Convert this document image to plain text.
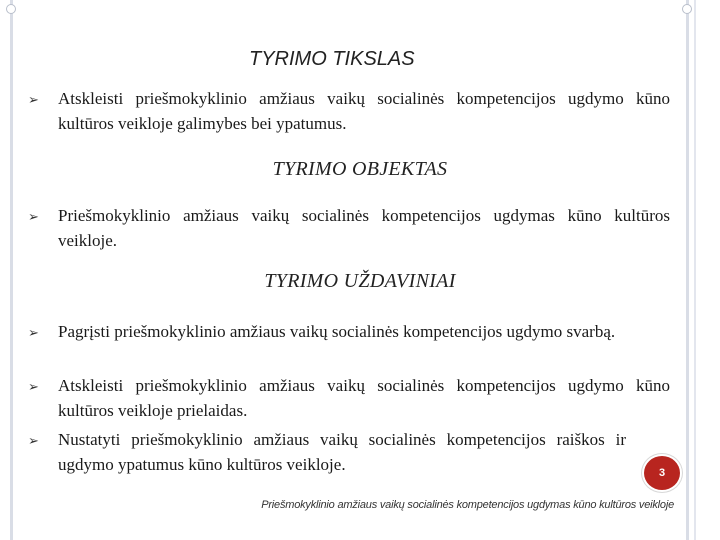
TYRIMO TIKSLAS
➢ Atskleisti priešmokyklinio amžiaus vaikų socialinės kompetencijos ugdymo kūno kultūros veikloje galimybes bei ypatumus.
TYRIMO OBJEKTAS
➢ Priešmokyklinio amžiaus vaikų socialinės kompetencijos ugdymas kūno kultūros veikloje.
TYRIMO UŽDAVINIAI
➢ Pagrįsti priešmokyklinio amžiaus vaikų socialinės kompetencijos ugdymo svarbą.
➢ Atskleisti priešmokyklinio amžiaus vaikų socialinės kompetencijos ugdymo kūno kultūros veikloje prielaidas.
➢ Nustatyti priešmokyklinio amžiaus vaikų socialinės kompetencijos raiškos ir ugdymo ypatumus kūno kultūros veikloje.	3
Priešmokyklinio amžiaus vaikų socialinės kompetencijos ugdymas kūno kultūros veikloje
